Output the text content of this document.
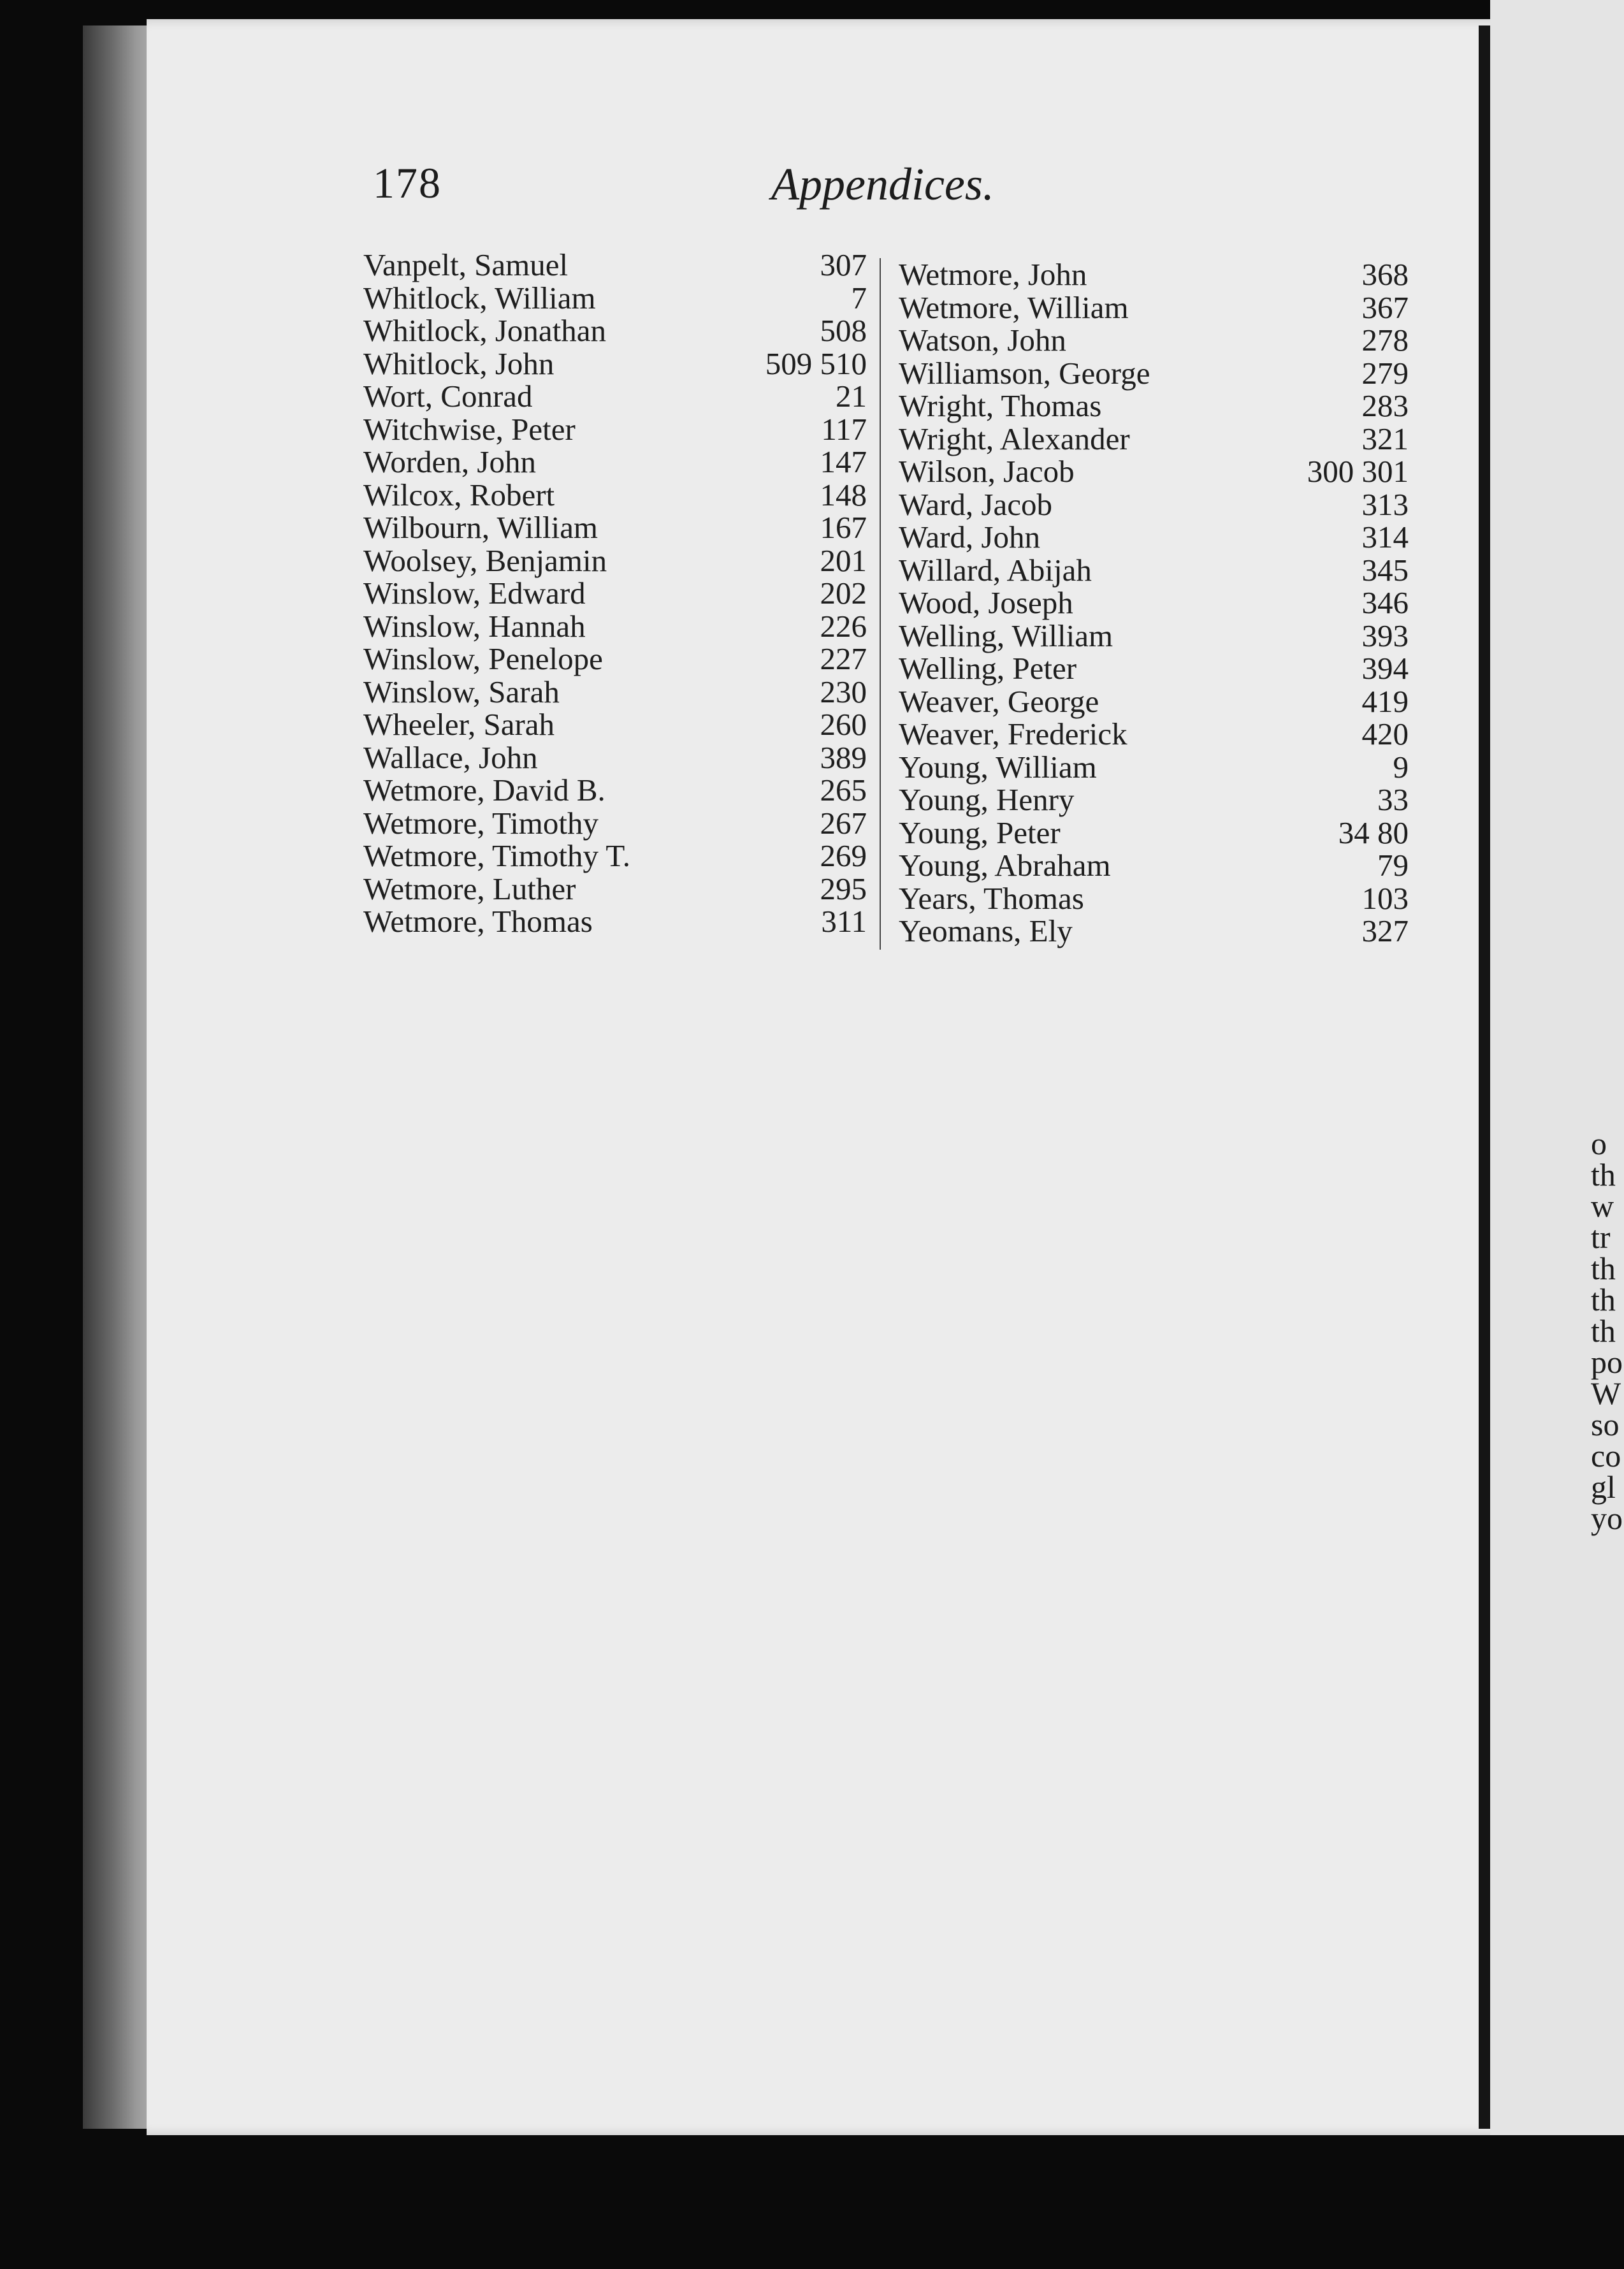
o
th
w
tr
th
th
th
po
W
so
co
gl
yo
178	Appendices.
Vanpelt, Samuel	307
Whitlock, William	7
Whitlock, Jonathan	508
Whitlock, John	509 510
Wort, Conrad	21
Witchwise, Peter	117
Worden, John	147
Wilcox, Robert	148
Wilbourn, William	167
Woolsey, Benjamin	201
Winslow, Edward	202
Winslow, Hannah	226
Winslow, Penelope	227
Winslow, Sarah	230
Wheeler, Sarah	260
Wallace, John	389
Wetmore, David B.	265
Wetmore, Timothy	267
Wetmore, Timothy T.	269
Wetmore, Luther	295
Wetmore, Thomas	311
Wetmore, John	368
Wetmore, William	367
Watson, John	278
Williamson, George	279
Wright, Thomas	283
Wright, Alexander	321
Wilson, Jacob	300 301
Ward, Jacob	313
Ward, John	314
Willard, Abijah	345
Wood, Joseph	346
Welling, William	393
Welling, Peter	394
Weaver, George	419
Weaver, Frederick	420
Young, William	9
Young, Henry	33
Young, Peter	34 80
Young, Abraham	79
Years, Thomas	103
Yeomans, Ely	327
